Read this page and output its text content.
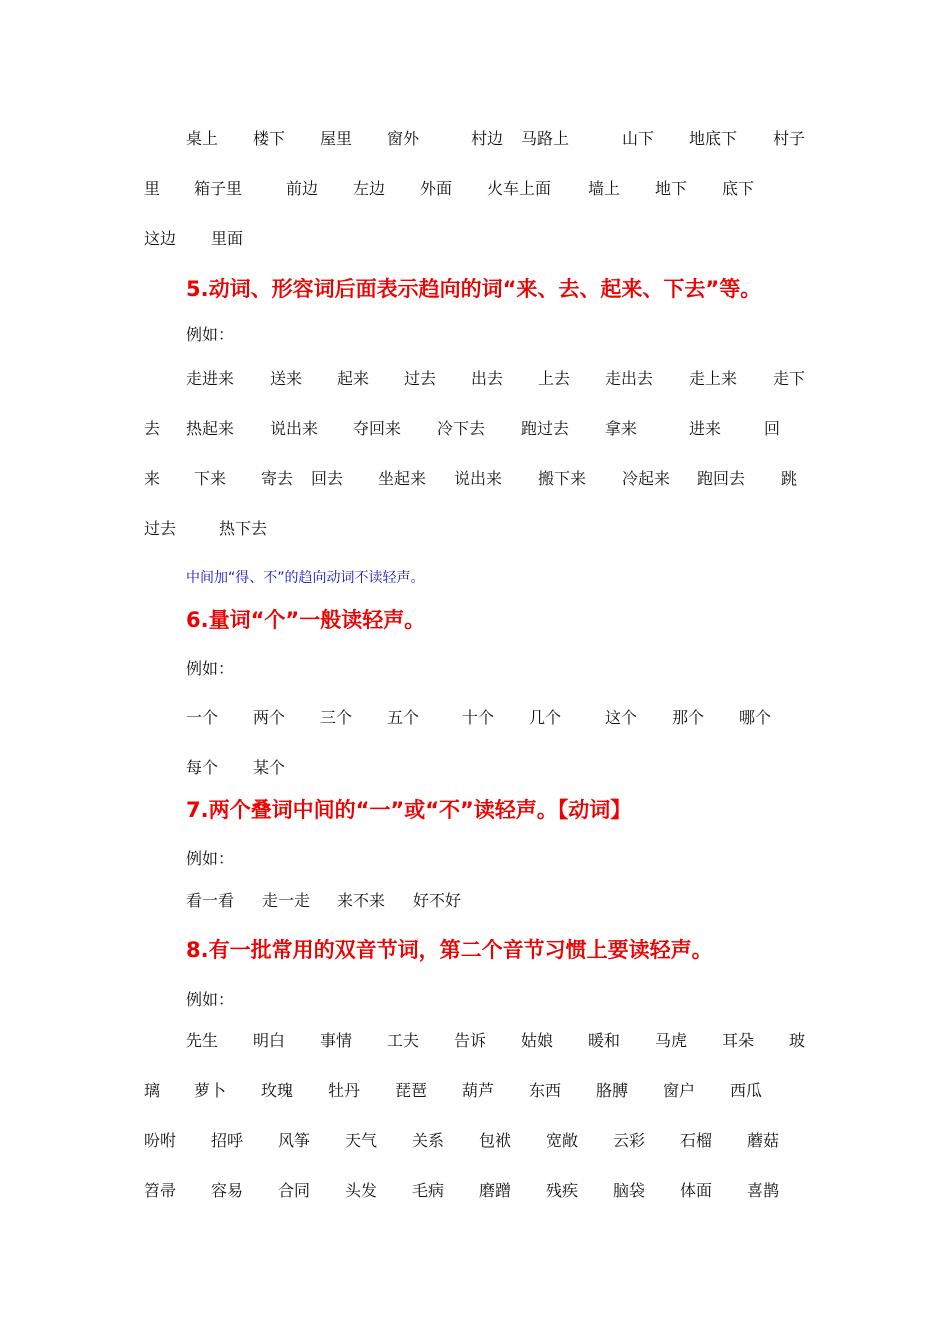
桌上 楼下 屋里 窗外	村边 马路上	山下 地底下 村子
里 箱子里	前边 左边 外面 火车上面 墙上 地下 底下
这边 里面
5.动词、形容词后面表示趋向的词“来、去、起来、下去”等。
例如：
走进来 送来 起来 过去 出去 上去 走出去 走上来 走下
去 热起来 说出来 夺回来 冷下去 跑过去 拿来	进来	回
来 下来 寄去 回去 坐起来 说出来 搬下来 冷起来 跑回去 跳
过去	热下去
中间加“得、不”的趋向动词不读轻声。
6.量词“个”一般读轻声。
例如：
一个 两个 三个 五个	十个 几个	这个 那个 哪个
每个 某个
7.两个叠词中间的“一”或“不”读轻声。【动词】
例如：
看一看 走一走 来不来 好不好
8.有一批常用的双音节词，第二个音节习惯上要读轻声。
例如：
先生 明白 事情 工夫 告诉 姑娘 暖和 马虎 耳朵 玻
璃 萝卜 玫瑰 牡丹 琵琶 葫芦 东西 胳膊 窗户 西瓜
吩咐 招呼 风筝 天气 关系 包袱 宽敞 云彩 石榴 蘑菇
笤帚 容易 合同 头发 毛病 磨蹭 残疾 脑袋 体面 喜鹊
